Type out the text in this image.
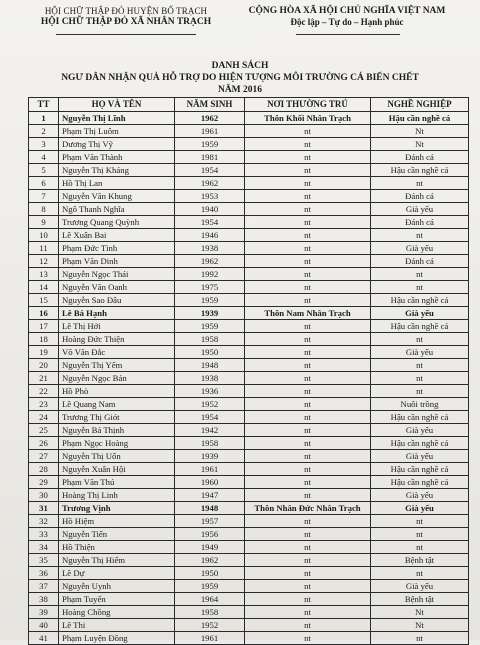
HỘI CHỮ THẬP ĐỎ HUYỆN BỐ TRẠCH
HỘI CHỮ THẬP ĐỎ XÃ NHÂN TRẠCH
CỘNG HÒA XÃ HỘI CHỦ NGHĨA VIỆT NAM
Độc lập – Tự do – Hạnh phúc
DANH SÁCH
NGƯ DÂN NHẬN QUÀ HỖ TRỢ DO HIỆN TƯỢNG MÔI TRƯỜNG CÁ BIỂN CHẾT
NĂM 2016
TT	HỌ VÀ TÊN	NĂM SINH	NƠI THƯỜNG TRÚ	NGHỀ NGHIỆP
1	Nguyễn Thị Lĩnh	1962	Thôn Khối Nhân Trạch	Hậu cần nghề cá
2	Phạm Thị Luôm	1961	nt	Nt
3	Dương Thị Vỹ	1959	nt	Nt
4	Phạm Văn Thành	1981	nt	Đánh cá
5	Nguyễn Thị Kháng	1954	nt	Hậu cần nghề cá
6	Hồ Thị Lan	1962	nt	nt
7	Nguyễn Văn Khung	1953	nt	Đánh cá
8	Ngô Thanh Nghĩa	1940	nt	Già yếu
9	Trương Quang Quỳnh	1954	nt	Đánh cá
10	Lê Xuân Bai	1946	nt	nt
11	Phạm Đức Tình	1938	nt	Già yếu
12	Phạm Văn Dinh	1962	nt	Đánh cá
13	Nguyễn Ngọc Thái	1992	nt	nt
14	Nguyễn Văn Oanh	1975	nt	nt
15	Nguyễn Sao Đâu	1959	nt	Hậu cần nghề cá
16	Lê Bá Hạnh	1939	Thôn Nam Nhân Trạch	Già yếu
17	Lê Thị Hởi	1959	nt	Hậu cần nghề cá
18	Hoàng Đức Thiện	1958	nt	nt
19	Võ Văn Đắc	1950	nt	Già yếu
20	Nguyễn Thị Yếm	1948	nt	nt
21	Nguyễn Ngọc Bản	1938	nt	nt
22	Hồ Phò	1936	nt	nt
23	Lê Quang Nam	1952	nt	Nuôi trồng
24	Trương Thị Giót	1954	nt	Hậu cần nghề cá
25	Nguyễn Bá Thịnh	1942	nt	Già yếu
26	Phạm Ngọc Hoàng	1958	nt	Hậu cần nghề cá
27	Nguyễn Thị Uốn	1939	nt	Già yếu
28	Nguyễn Xuân Hội	1961	nt	Hậu cần nghề cá
29	Phạm Văn Thú	1960	nt	Hậu cần nghề cá
30	Hoàng Thị Linh	1947	nt	Già yếu
31	Trương Vịnh	1948	Thôn Nhân Đức Nhân Trạch	Già yếu
32	Hồ Hiệm	1957	nt	nt
33	Nguyễn Tiến	1956	nt	nt
34	Hồ Thiện	1949	nt	nt
35	Nguyễn Thị Hiểm	1962	nt	Bệnh tật
36	Lê Dự	1950	nt	nt
37	Nguyễn Uynh	1959	nt	Già yếu
38	Phạm Tuyển	1964	nt	Bệnh tật
39	Hoàng Chồng	1958	nt	Nt
40	Lê Thi	1952	nt	Nt
41	Phạm Luyện Đồng	1961	nt	nt
